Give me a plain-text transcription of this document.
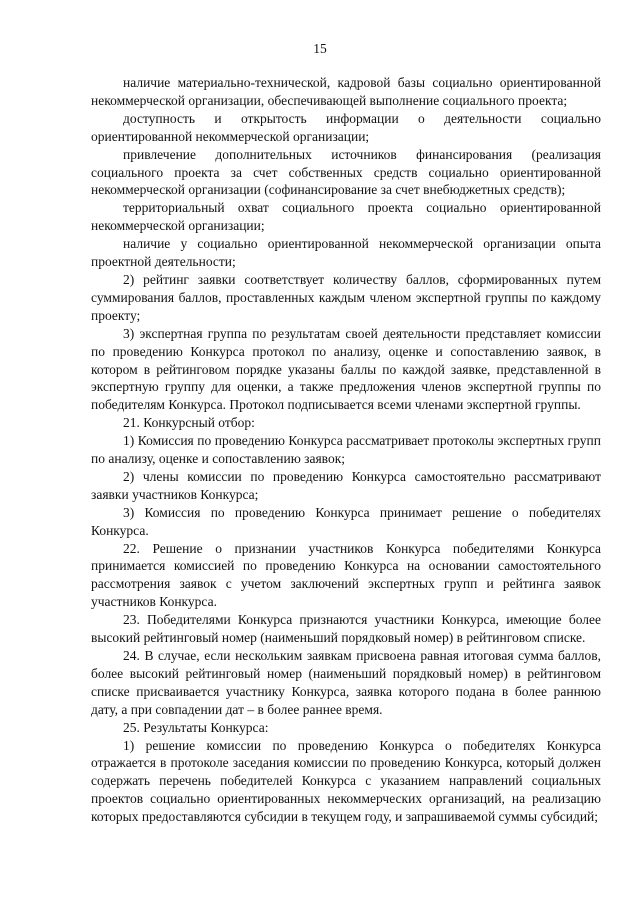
15

наличие материально-технической, кадровой базы социально ориентированной некоммерческой организации, обеспечивающей выполнение социального проекта;

доступность и открытость информации о деятельности социально ориентированной некоммерческой организации;

привлечение дополнительных источников финансирования (реализация социального проекта за счет собственных средств социально ориентированной некоммерческой организации (софинансирование за счет внебюджетных средств);

территориальный охват социального проекта социально ориентированной некоммерческой организации;

наличие у социально ориентированной некоммерческой организации опыта проектной деятельности;

2) рейтинг заявки соответствует количеству баллов, сформированных путем суммирования баллов, проставленных каждым членом экспертной группы по каждому проекту;

3) экспертная группа по результатам своей деятельности представляет комиссии по проведению Конкурса протокол по анализу, оценке и сопоставлению заявок, в котором в рейтинговом порядке указаны баллы по каждой заявке, представленной в экспертную группу для оценки, а также предложения членов экспертной группы по победителям Конкурса. Протокол подписывается всеми членами экспертной группы.

21. Конкурсный отбор:

1) Комиссия по проведению Конкурса рассматривает протоколы экспертных групп по анализу, оценке и сопоставлению заявок;

2) члены комиссии по проведению Конкурса самостоятельно рассматривают заявки участников Конкурса;

3) Комиссия по проведению Конкурса принимает решение о победителях Конкурса.

22. Решение о признании участников Конкурса победителями Конкурса принимается комиссией по проведению Конкурса на основании самостоятельного рассмотрения заявок с учетом заключений экспертных групп и рейтинга заявок участников Конкурса.

23. Победителями Конкурса признаются участники Конкурса, имеющие более высокий рейтинговый номер (наименьший порядковый номер) в рейтинговом списке.

24. В случае, если нескольким заявкам присвоена равная итоговая сумма баллов, более высокий рейтинговый номер (наименьший порядковый номер) в рейтинговом списке присваивается участнику Конкурса, заявка которого подана в более раннюю дату, а при совпадении дат – в более раннее время.

25. Результаты Конкурса:

1) решение комиссии по проведению Конкурса о победителях Конкурса отражается в протоколе заседания комиссии по проведению Конкурса, который должен содержать перечень победителей Конкурса с указанием направлений социальных проектов социально ориентированных некоммерческих организаций, на реализацию которых предоставляются субсидии в текущем году, и запрашиваемой суммы субсидий;
